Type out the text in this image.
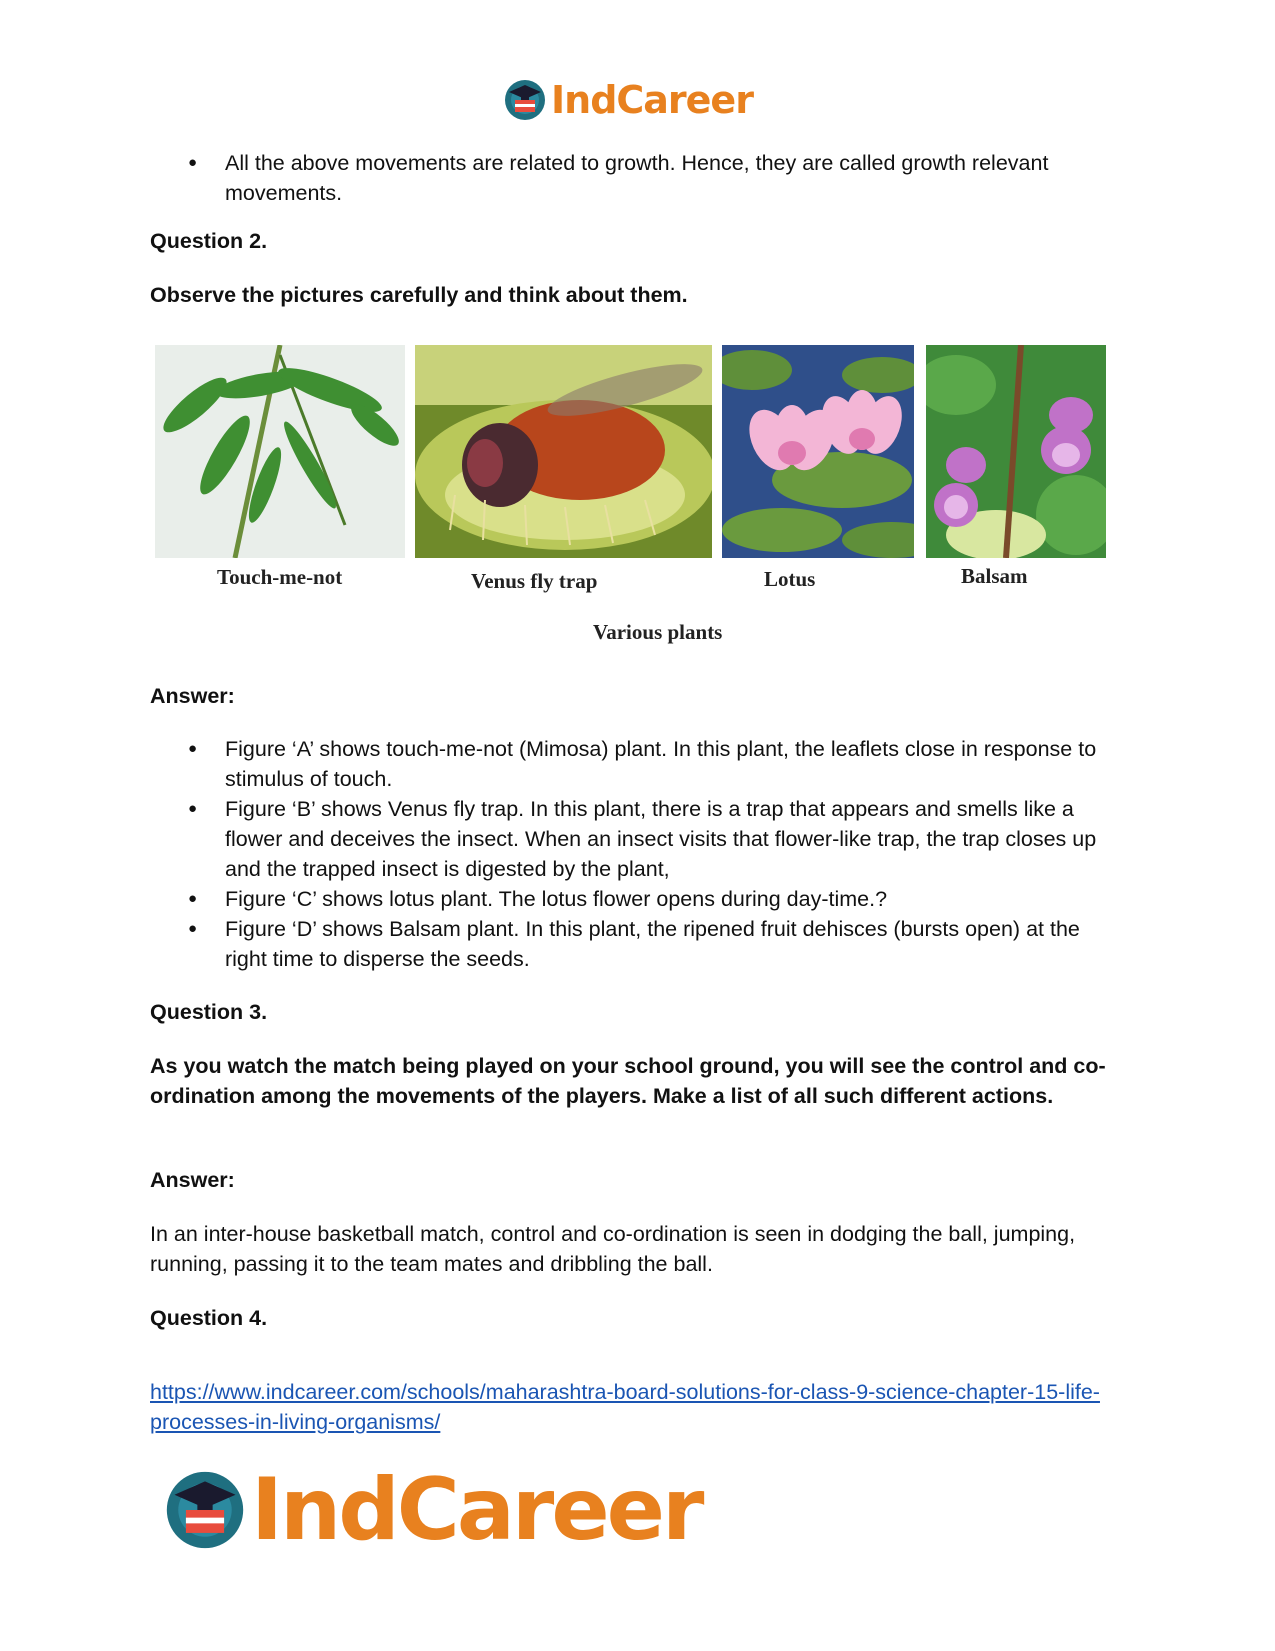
IndCareer
● All the above movements are related to growth. Hence, they are called growth relevant movements.
Question 2.
Observe the pictures carefully and think about them.
Touch-me-not	Venus fly trap	Lotus	Balsam
Various plants
Answer:
● Figure ‘A’ shows touch-me-not (Mimosa) plant. In this plant, the leaflets close in response to stimulus of touch.
● Figure ‘B’ shows Venus fly trap. In this plant, there is a trap that appears and smells like a flower and deceives the insect. When an insect visits that flower-like trap, the trap closes up and the trapped insect is digested by the plant,
● Figure ‘C’ shows lotus plant. The lotus flower opens during day-time.?
● Figure ‘D’ shows Balsam plant. In this plant, the ripened fruit dehisces (bursts open) at the right time to disperse the seeds.
Question 3.
As you watch the match being played on your school ground, you will see the control and co-ordination among the movements of the players. Make a list of all such different actions.
Answer:
In an inter-house basketball match, control and co-ordination is seen in dodging the ball, jumping, running, passing it to the team mates and dribbling the ball.
Question 4.
https://www.indcareer.com/schools/maharashtra-board-solutions-for-class-9-science-chapter-15-life-processes-in-living-organisms/
IndCareer
